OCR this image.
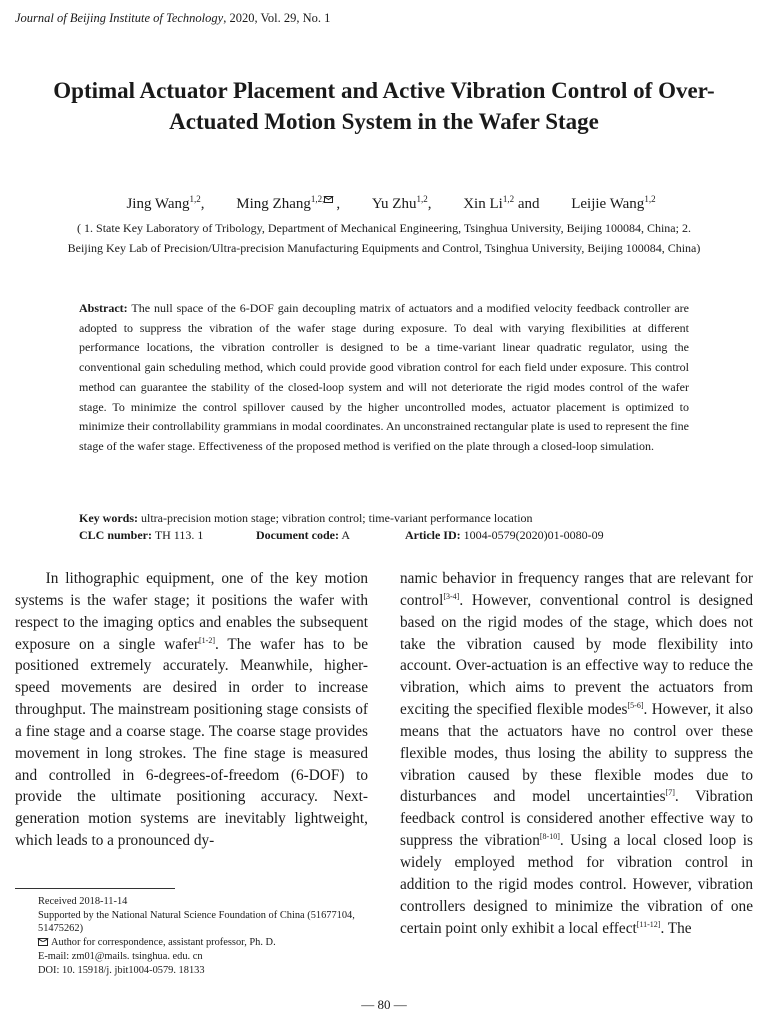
Journal of Beijing Institute of Technology, 2020, Vol. 29, No. 1
Optimal Actuator Placement and Active Vibration Control of Over-Actuated Motion System in the Wafer Stage
Jing Wang$^{1,2}$, Ming Zhang$^{1,2,}$ , Yu Zhu$^{1,2}$, Xin Li$^{1,2}$ and Leijie Wang$^{1,2}$
( 1. State Key Laboratory of Tribology, Department of Mechanical Engineering, Tsinghua University, Beijing 100084, China; 2. Beijing Key Lab of Precision/Ultra-precision Manufacturing Equipments and Control, Tsinghua University, Beijing 100084, China)

Abstract: The null space of the 6-DOF gain decoupling matrix of actuators and a modified velocity feedback controller are adopted to suppress the vibration of the wafer stage during exposure. To deal with varying flexibilities at different performance locations, the vibration controller is designed to be a time-variant linear quadratic regulator, using the conventional gain scheduling method, which could provide good vibration control for each field under exposure. This control method can guarantee the stability of the closed-loop system and will not deteriorate the rigid modes control of the wafer stage. To minimize the control spillover caused by the higher uncontrolled modes, actuator placement is optimized to minimize their controllability grammians in modal coordinates. An unconstrained rectangular plate is used to represent the fine stage of the wafer stage. Effectiveness of the proposed method is verified on the plate through a closed-loop simulation.

Key words: ultra-precision motion stage; vibration control; time-variant performance location
CLC number: TH 113. 1	Document code: A	Article ID: 1004-0579(2020)01-0080-09

In lithographic equipment, one of the key motion systems is the wafer stage; it positions the wafer with respect to the imaging optics and enables the subsequent exposure on a single wafer[1-2]. The wafer has to be positioned extremely accurately. Meanwhile, higher-speed movements are desired in order to increase throughput. The mainstream positioning stage consists of a fine stage and a coarse stage. The coarse stage provides movement in long strokes. The fine stage is measured and controlled in 6-degrees-of-freedom (6-DOF) to provide the ultimate positioning accuracy. Next-generation motion systems are inevitably lightweight, which leads to a pronounced dy-

namic behavior in frequency ranges that are relevant for control[3-4]. However, conventional control is designed based on the rigid modes of the stage, which does not take the vibration caused by mode flexibility into account. Over-actuation is an effective way to reduce the vibration, which aims to prevent the actuators from exciting the specified flexible modes[5-6]. However, it also means that the actuators have no control over these flexible modes, thus losing the ability to suppress the vibration caused by these flexible modes due to disturbances and model uncertainties[7]. Vibration feedback control is considered another effective way to suppress the vibration[8-10]. Using a local closed loop is widely employed method for vibration control in addition to the rigid modes control. However, vibration controllers designed to minimize the vibration of one certain point only exhibit a local effect[11-12]. The

Received 2018-11-14
Supported by the National Natural Science Foundation of China (51677104, 51475262)
Author for correspondence, assistant professor, Ph. D.
E-mail: zm01@mails. tsinghua. edu. cn
DOI: 10. 15918/j. jbit1004-0579. 18133
— 80 —
